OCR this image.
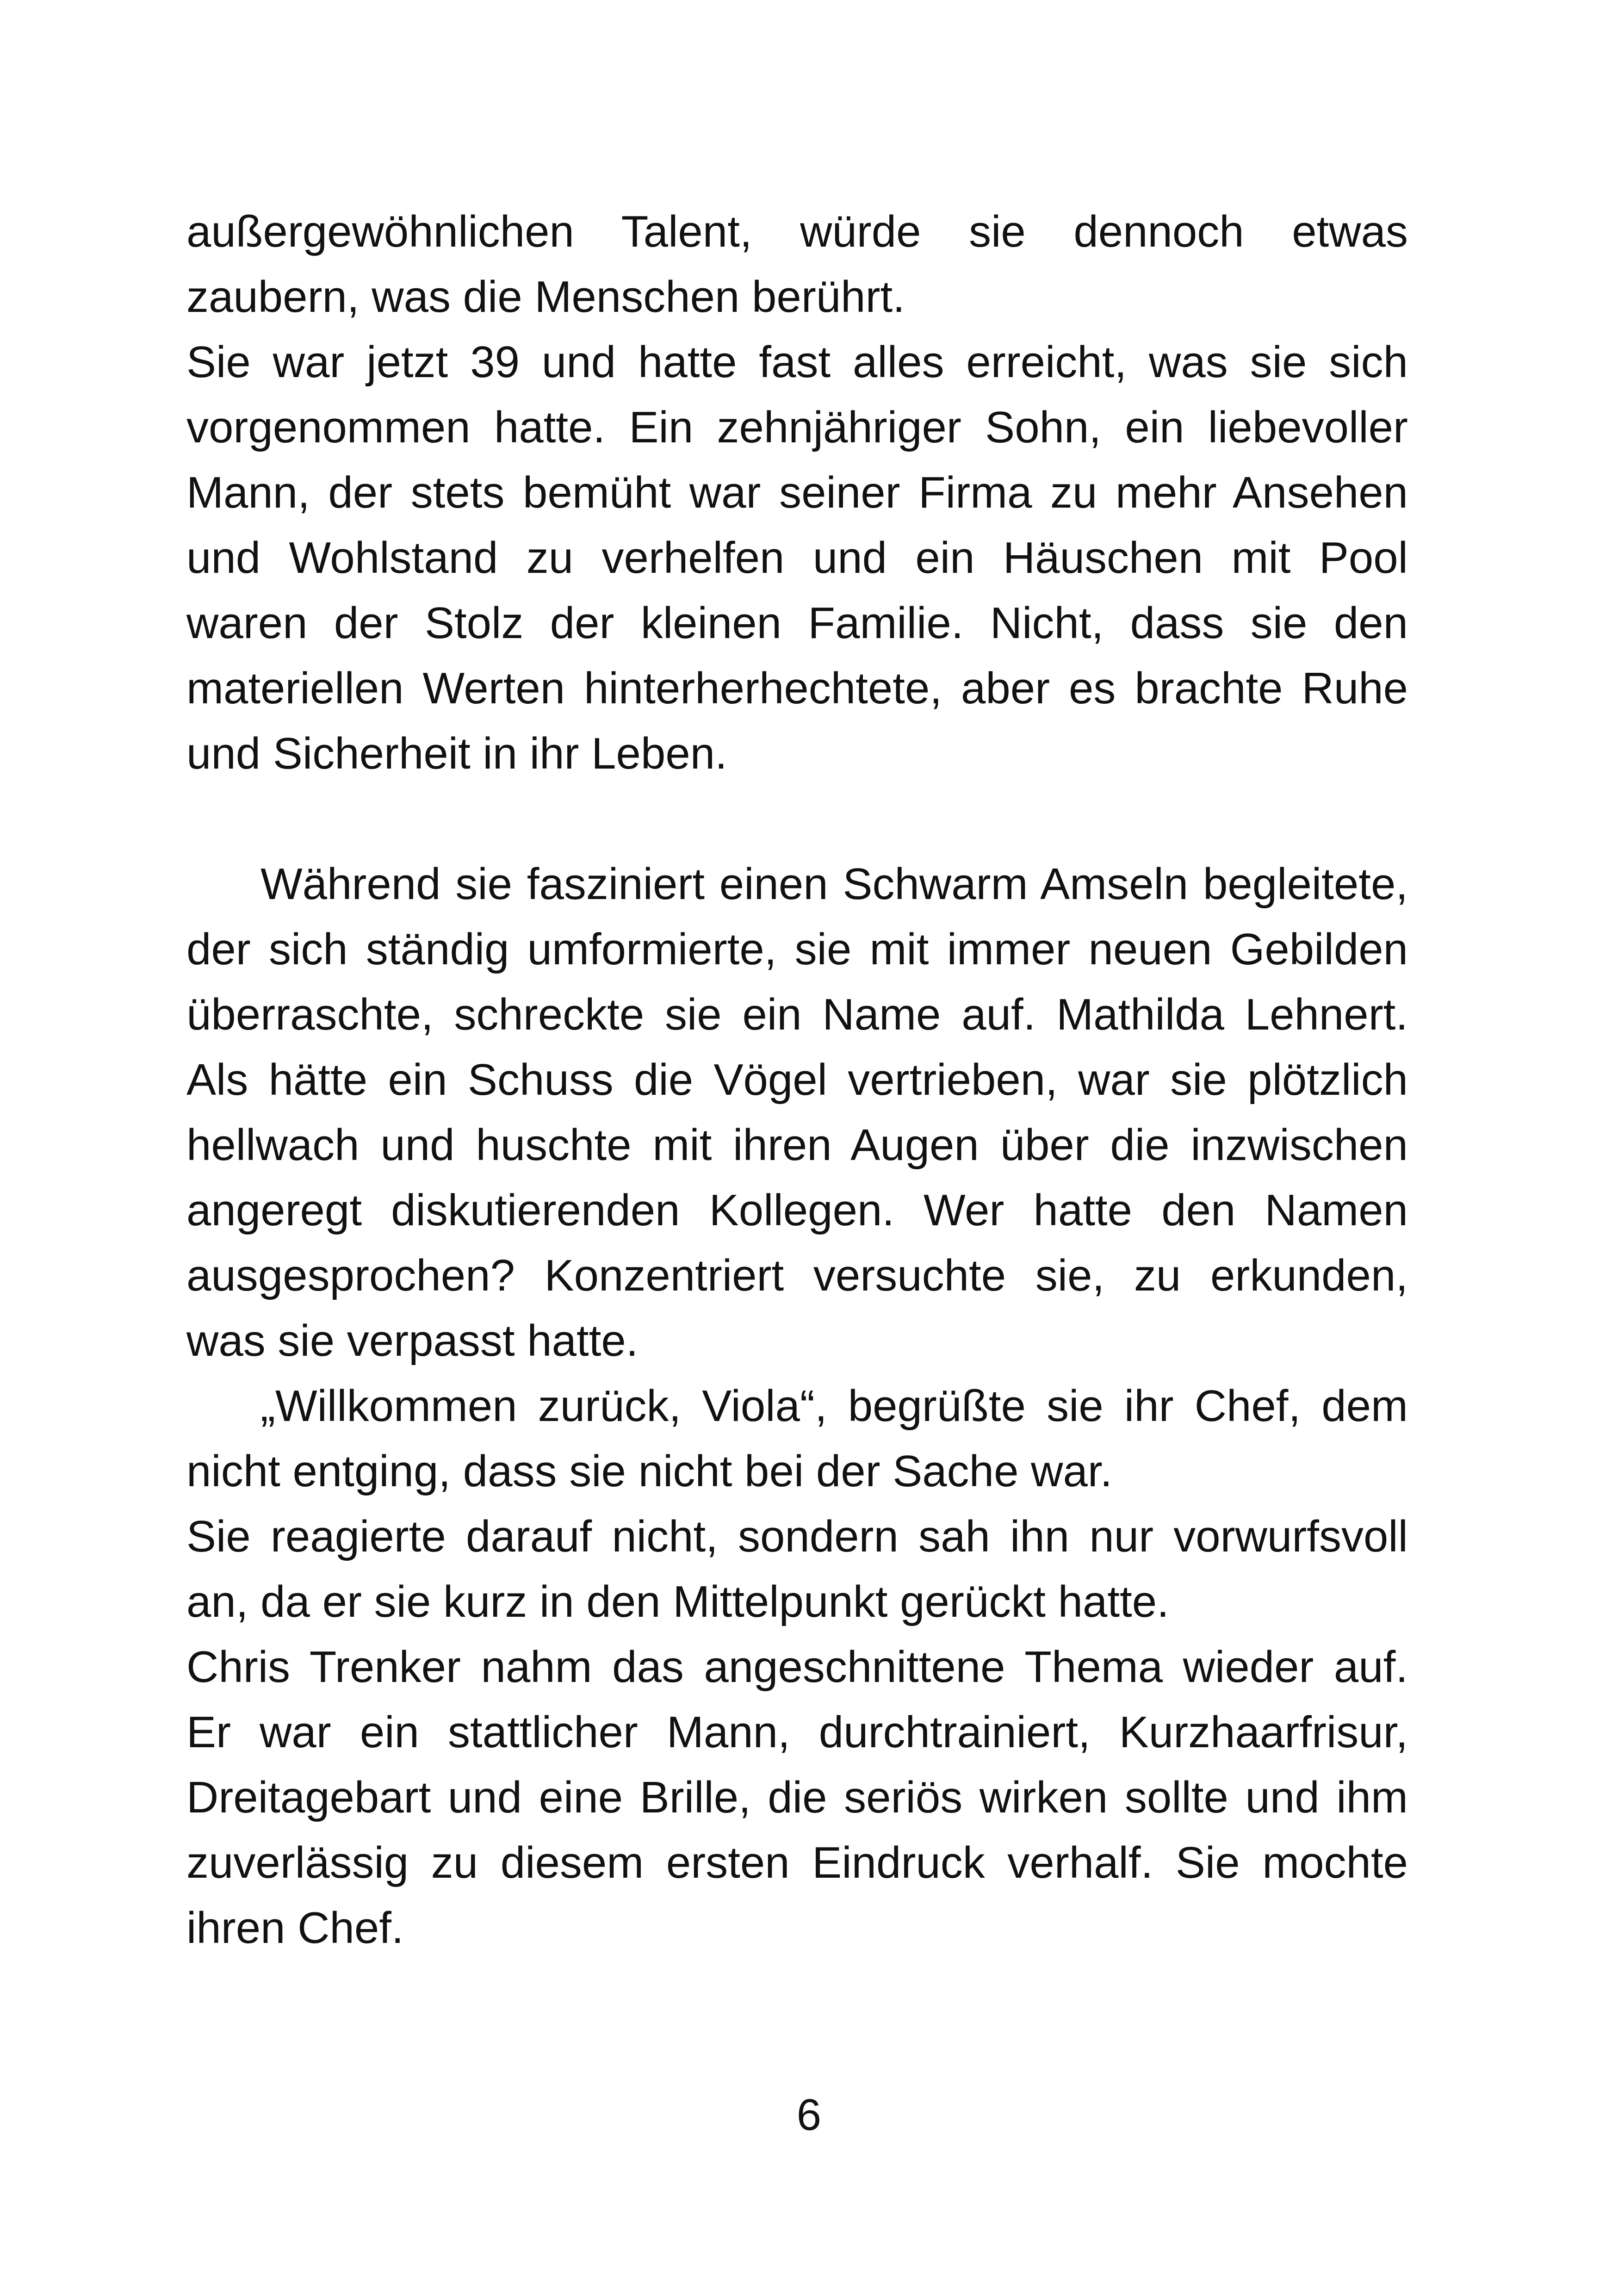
außergewöhnlichen Talent, würde sie dennoch etwas zaubern, was die Menschen berührt.

Sie war jetzt 39 und hatte fast alles erreicht, was sie sich vorgenommen hatte. Ein zehnjähriger Sohn, ein liebevoller Mann, der stets bemüht war seiner Firma zu mehr Ansehen und Wohlstand zu verhelfen und ein Häuschen mit Pool waren der Stolz der kleinen Familie. Nicht, dass sie den materiellen Werten hinterherhechtete, aber es brachte Ruhe und Sicherheit in ihr Leben.

Während sie fasziniert einen Schwarm Amseln begleitete, der sich ständig umformierte, sie mit immer neuen Gebilden überraschte, schreckte sie ein Name auf. Mathilda Lehnert. Als hätte ein Schuss die Vögel vertrieben, war sie plötzlich hellwach und huschte mit ihren Augen über die inzwischen angeregt diskutierenden Kollegen. Wer hatte den Namen ausgesprochen? Konzentriert versuchte sie, zu erkunden, was sie verpasst hatte.

„Willkommen zurück, Viola“, begrüßte sie ihr Chef, dem nicht entging, dass sie nicht bei der Sache war.

Sie reagierte darauf nicht, sondern sah ihn nur vorwurfsvoll an, da er sie kurz in den Mittelpunkt gerückt hatte.

Chris Trenker nahm das angeschnittene Thema wieder auf. Er war ein stattlicher Mann, durchtrainiert, Kurzhaarfrisur, Dreitagebart und eine Brille, die seriös wirken sollte und ihm zuverlässig zu diesem ersten Eindruck verhalf. Sie mochte ihren Chef.

6
